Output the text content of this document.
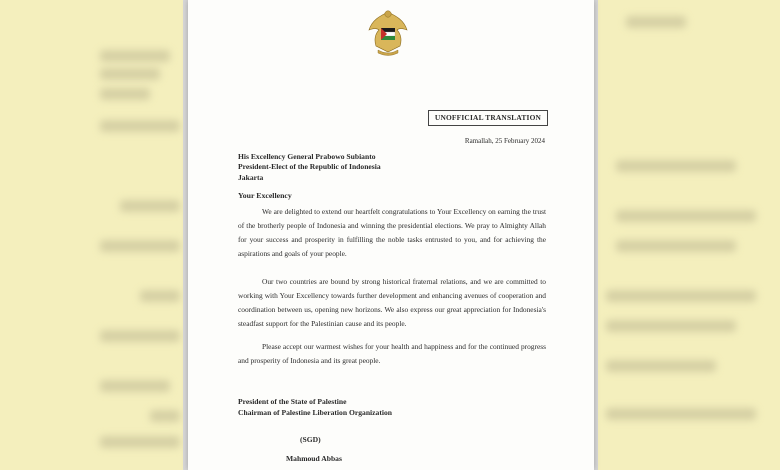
UNOFFICIAL TRANSLATION
Ramallah, 25 February 2024
His Excellency General Prabowo Subianto
President-Elect of the Republic of Indonesia
Jakarta
Your Excellency
We are delighted to extend our heartfelt congratulations to Your Excellency on earning the trust of the brotherly people of Indonesia and winning the presidential elections. We pray to Almighty Allah for your success and prosperity in fulfilling the noble tasks entrusted to you, and for achieving the aspirations and goals of your people.
Our two countries are bound by strong historical fraternal relations, and we are committed to working with Your Excellency towards further development and enhancing avenues of cooperation and coordination between us, opening new horizons. We also express our great appreciation for Indonesia's steadfast support for the Palestinian cause and its people.
Please accept our warmest wishes for your health and happiness and for the continued progress and prosperity of Indonesia and its great people.
President of the State of Palestine
Chairman of Palestine Liberation Organization
(SGD)
Mahmoud Abbas
